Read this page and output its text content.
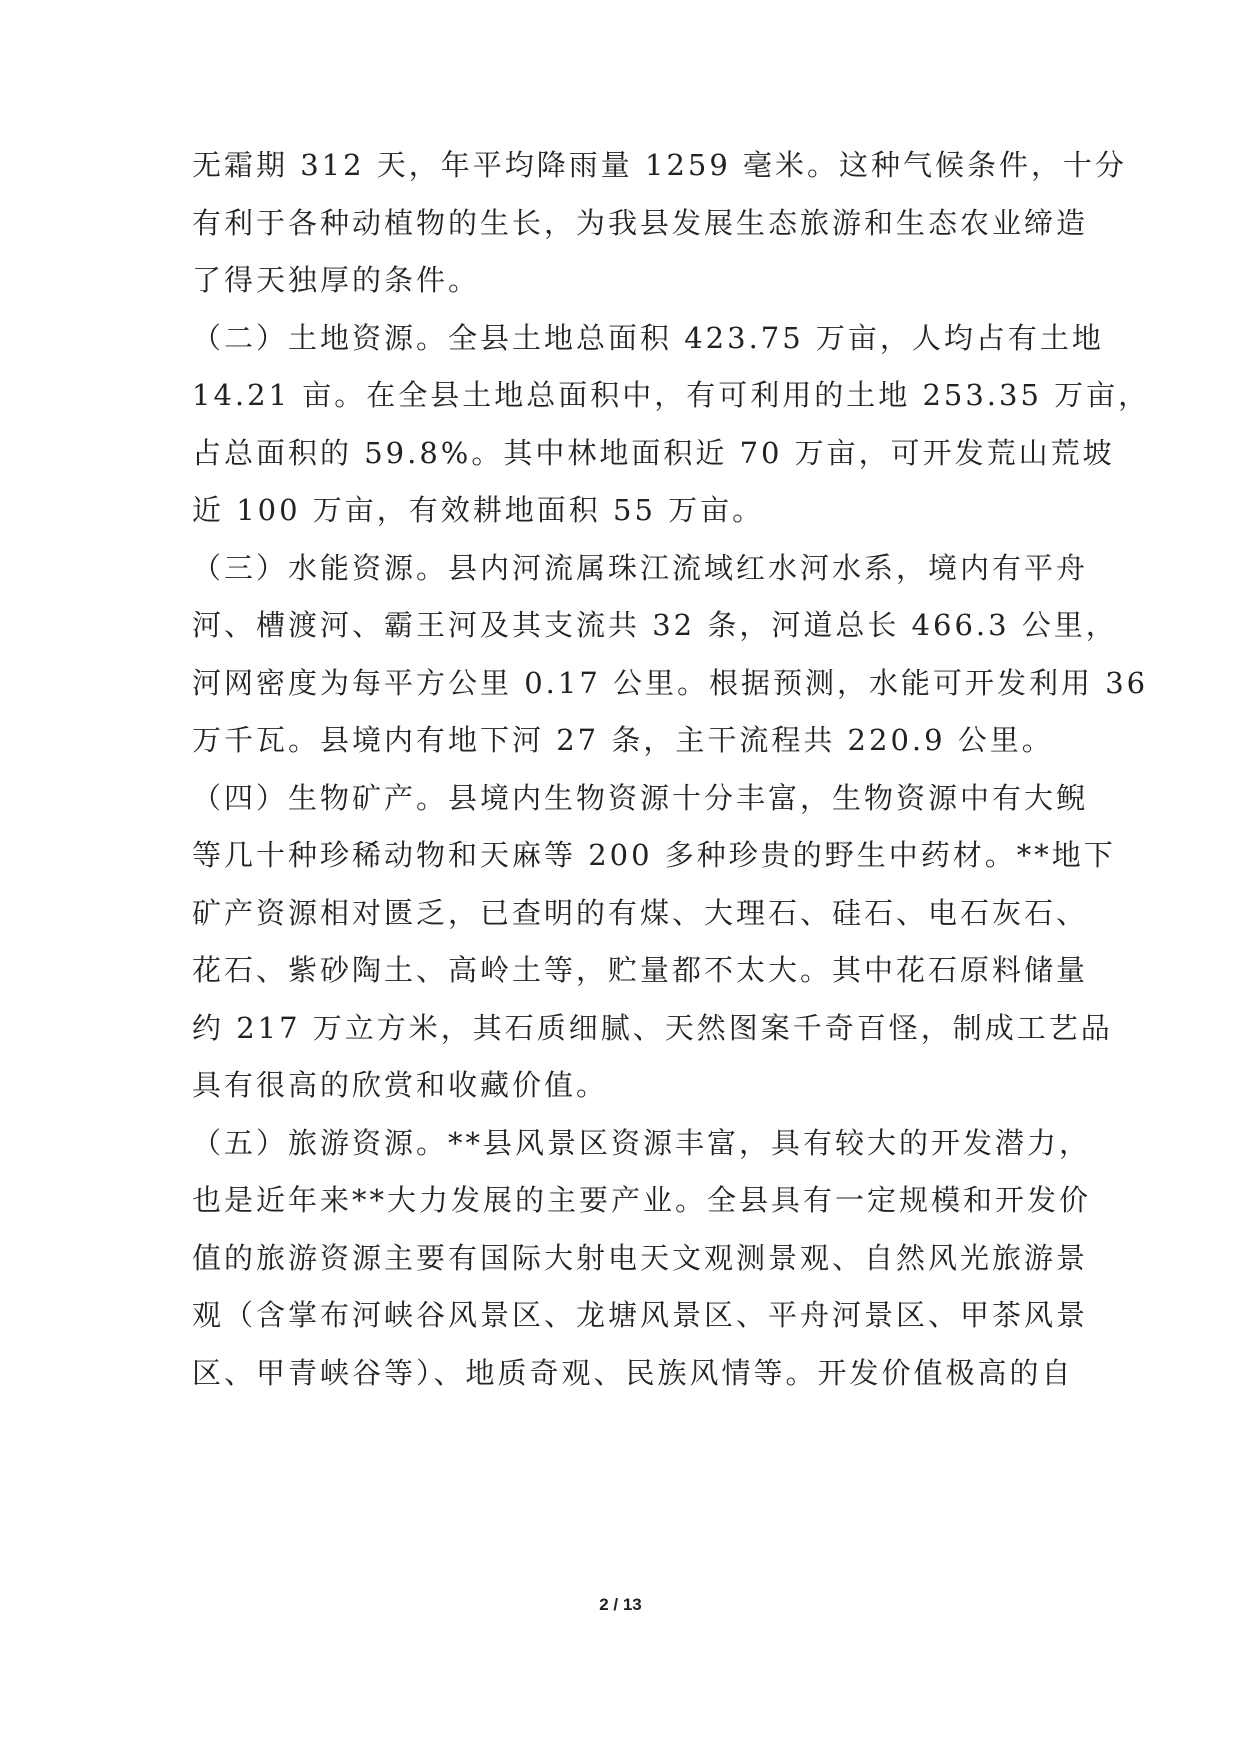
无霜期 312 天，年平均降雨量 1259 毫米。这种气候条件，十分
有利于各种动植物的生长，为我县发展生态旅游和生态农业缔造
了得天独厚的条件。
（二）土地资源。全县土地总面积 423.75 万亩，人均占有土地
14.21 亩。在全县土地总面积中，有可利用的土地 253.35 万亩，
占总面积的 59.8%。其中林地面积近 70 万亩，可开发荒山荒坡
近 100 万亩，有效耕地面积 55 万亩。
（三）水能资源。县内河流属珠江流域红水河水系，境内有平舟
河、槽渡河、霸王河及其支流共 32 条，河道总长 466.3 公里，
河网密度为每平方公里 0.17 公里。根据预测，水能可开发利用 36
万千瓦。县境内有地下河 27 条，主干流程共 220.9 公里。
（四）生物矿产。县境内生物资源十分丰富，生物资源中有大鲵
等几十种珍稀动物和天麻等 200 多种珍贵的野生中药材。**地下
矿产资源相对匮乏，已查明的有煤、大理石、硅石、电石灰石、
花石、紫砂陶土、高岭土等，贮量都不太大。其中花石原料储量
约 217 万立方米，其石质细腻、天然图案千奇百怪，制成工艺品
具有很高的欣赏和收藏价值。
（五）旅游资源。**县风景区资源丰富，具有较大的开发潜力，
也是近年来**大力发展的主要产业。全县具有一定规模和开发价
值的旅游资源主要有国际大射电天文观测景观、自然风光旅游景
观（含掌布河峡谷风景区、龙塘风景区、平舟河景区、甲茶风景
区、甲青峡谷等）、地质奇观、民族风情等。开发价值极高的自
2 / 13
